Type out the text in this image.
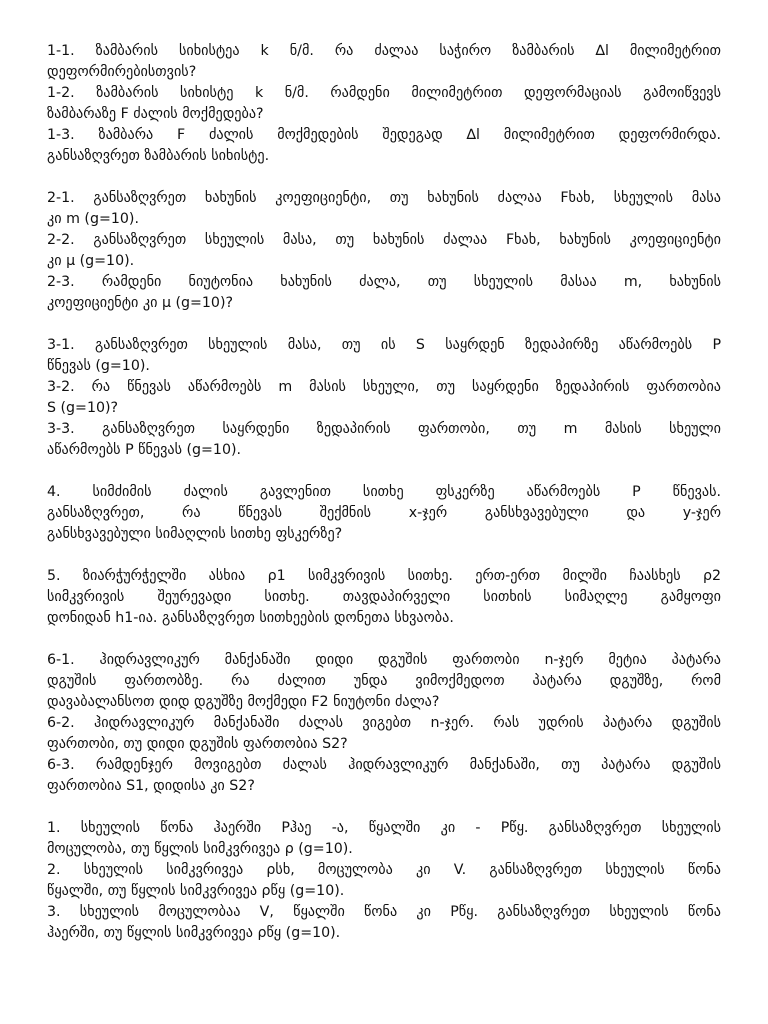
1-1. ზამბარის სიხისტეა k ნ/მ. რა ძალაა საჭირო ზამბარის ∆l მილიმეტრით
დეფორმირებისთვის?
1-2. ზამბარის სიხისტე k ნ/მ. რამდენი მილიმეტრით დეფორმაციას გამოიწვევს
ზამბარაზე F ძალის მოქმედება?
1-3. ზამბარა F ძალის მოქმედების შედეგად ∆l მილიმეტრით დეფორმირდა.
განსაზღვრეთ ზამბარის სიხისტე.
2-1. განსაზღვრეთ ხახუნის კოეფიციენტი, თუ ხახუნის ძალაა Fხახ, სხეულის მასა
კი m (g=10).
2-2. განსაზღვრეთ სხეულის მასა, თუ ხახუნის ძალაა Fხახ, ხახუნის კოეფიციენტი
კი μ (g=10).
2-3. რამდენი ნიუტონია ხახუნის ძალა, თუ სხეულის მასაა m, ხახუნის
კოეფიციენტი კი μ (g=10)?
3-1. განსაზღვრეთ სხეულის მასა, თუ ის S საყრდენ ზედაპირზე აწარმოებს P
წნევას (g=10).
3-2. რა წნევას აწარმოებს m მასის სხეული, თუ საყრდენი ზედაპირის ფართობია
S (g=10)?
3-3. განსაზღვრეთ საყრდენი ზედაპირის ფართობი, თუ m მასის სხეული
აწარმოებს P წნევას (g=10).
4. სიმძიმის ძალის გავლენით სითხე ფსკერზე აწარმოებს P წნევას.
განსაზღვრეთ, რა წნევას შექმნის x-ჯერ განსხვავებული და y-ჯერ
განსხვავებული სიმაღლის სითხე ფსკერზე?
5. ზიარჭურჭელში ასხია ρ1 სიმკვრივის სითხე. ერთ-ერთ მილში ჩაასხეს ρ2
სიმკვრივის შეურევადი სითხე. თავდაპირველი სითხის სიმაღლე გამყოფი
დონიდან h1-ია. განსაზღვრეთ სითხეების დონეთა სხვაობა.
6-1. ჰიდრავლიკურ მანქანაში დიდი დგუშის ფართობი n-ჯერ მეტია პატარა
დგუშის ფართობზე. რა ძალით უნდა ვიმოქმედოთ პატარა დგუშზე, რომ
დავაბალანსოთ დიდ დგუშზე მოქმედი F2 ნიუტონი ძალა?
6-2. ჰიდრავლიკურ მანქანაში ძალას ვიგებთ n-ჯერ. რას უდრის პატარა დგუშის
ფართობი, თუ დიდი დგუშის ფართობია S2?
6-3. რამდენჯერ მოვიგებთ ძალას ჰიდრავლიკურ მანქანაში, თუ პატარა დგუშის
ფართობია S1, დიდისა კი S2?
1. სხეულის წონა ჰაერში Pჰაე -ა, წყალში კი - Pწყ. განსაზღვრეთ სხეულის
მოცულობა, თუ წყლის სიმკვრივეა ρ (g=10).
2. სხეულის სიმკვრივეა ρსხ, მოცულობა კი V. განსაზღვრეთ სხეულის წონა
წყალში, თუ წყლის სიმკვრივეა ρწყ (g=10).
3. სხეულის მოცულობაა V, წყალში წონა კი Pწყ. განსაზღვრეთ სხეულის წონა
ჰაერში, თუ წყლის სიმკვრივეა ρწყ (g=10).
